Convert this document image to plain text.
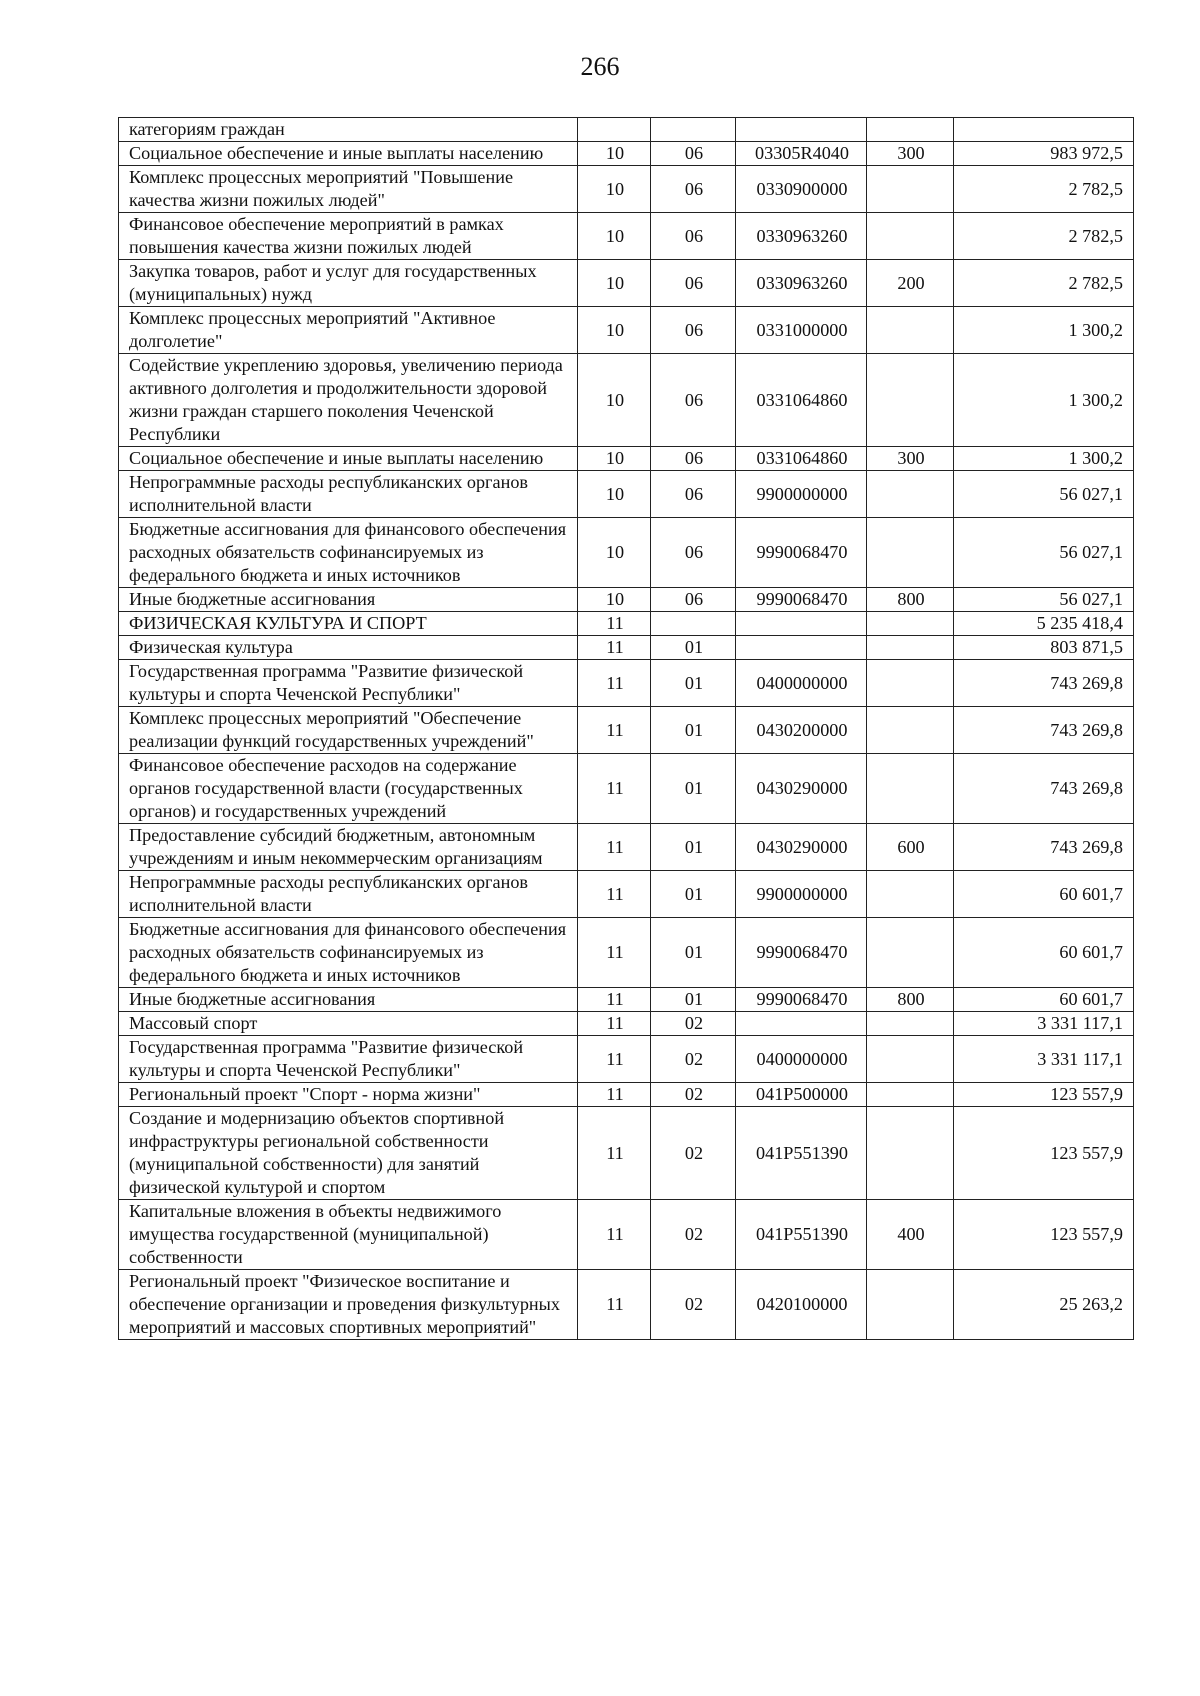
266
категориям граждан					
Социальное обеспечение и иные выплаты населению	10	06	03305R4040	300	983 972,5
Комплекс процессных мероприятий "Повышение качества жизни пожилых людей"	10	06	0330900000		2 782,5
Финансовое обеспечение мероприятий в рамках повышения качества жизни пожилых людей	10	06	0330963260		2 782,5
Закупка товаров, работ и услуг для государственных (муниципальных) нужд	10	06	0330963260	200	2 782,5
Комплекс процессных мероприятий "Активное долголетие"	10	06	0331000000		1 300,2
Содействие укреплению здоровья, увеличению периода активного долголетия и продолжительности здоровой жизни граждан старшего поколения Чеченской Республики	10	06	0331064860		1 300,2
Социальное обеспечение и иные выплаты населению	10	06	0331064860	300	1 300,2
Непрограммные расходы республиканских органов исполнительной власти	10	06	9900000000		56 027,1
Бюджетные ассигнования для финансового обеспечения расходных обязательств софинансируемых из федерального бюджета и иных источников	10	06	9990068470		56 027,1
Иные бюджетные ассигнования	10	06	9990068470	800	56 027,1
ФИЗИЧЕСКАЯ КУЛЬТУРА И СПОРТ	11				5 235 418,4
Физическая культура	11	01			803 871,5
Государственная программа "Развитие физической культуры и спорта Чеченской Республики"	11	01	0400000000		743 269,8
Комплекс процессных мероприятий "Обеспечение реализации функций государственных учреждений"	11	01	0430200000		743 269,8
Финансовое обеспечение расходов на содержание органов государственной власти (государственных органов) и государственных учреждений	11	01	0430290000		743 269,8
Предоставление субсидий бюджетным, автономным учреждениям и иным некоммерческим организациям	11	01	0430290000	600	743 269,8
Непрограммные расходы республиканских органов исполнительной власти	11	01	9900000000		60 601,7
Бюджетные ассигнования для финансового обеспечения расходных обязательств софинансируемых из федерального бюджета и иных источников	11	01	9990068470		60 601,7
Иные бюджетные ассигнования	11	01	9990068470	800	60 601,7
Массовый спорт	11	02			3 331 117,1
Государственная программа "Развитие физической культуры и спорта Чеченской Республики"	11	02	0400000000		3 331 117,1
Региональный проект "Спорт - норма жизни"	11	02	041P500000		123 557,9
Создание и модернизацию объектов спортивной инфраструктуры региональной собственности (муниципальной собственности) для занятий физической культурой и спортом	11	02	041P551390		123 557,9
Капитальные вложения в объекты недвижимого имущества государственной (муниципальной) собственности	11	02	041P551390	400	123 557,9
Региональный проект "Физическое воспитание и обеспечение организации и проведения физкультурных мероприятий и массовых спортивных мероприятий"	11	02	0420100000		25 263,2
